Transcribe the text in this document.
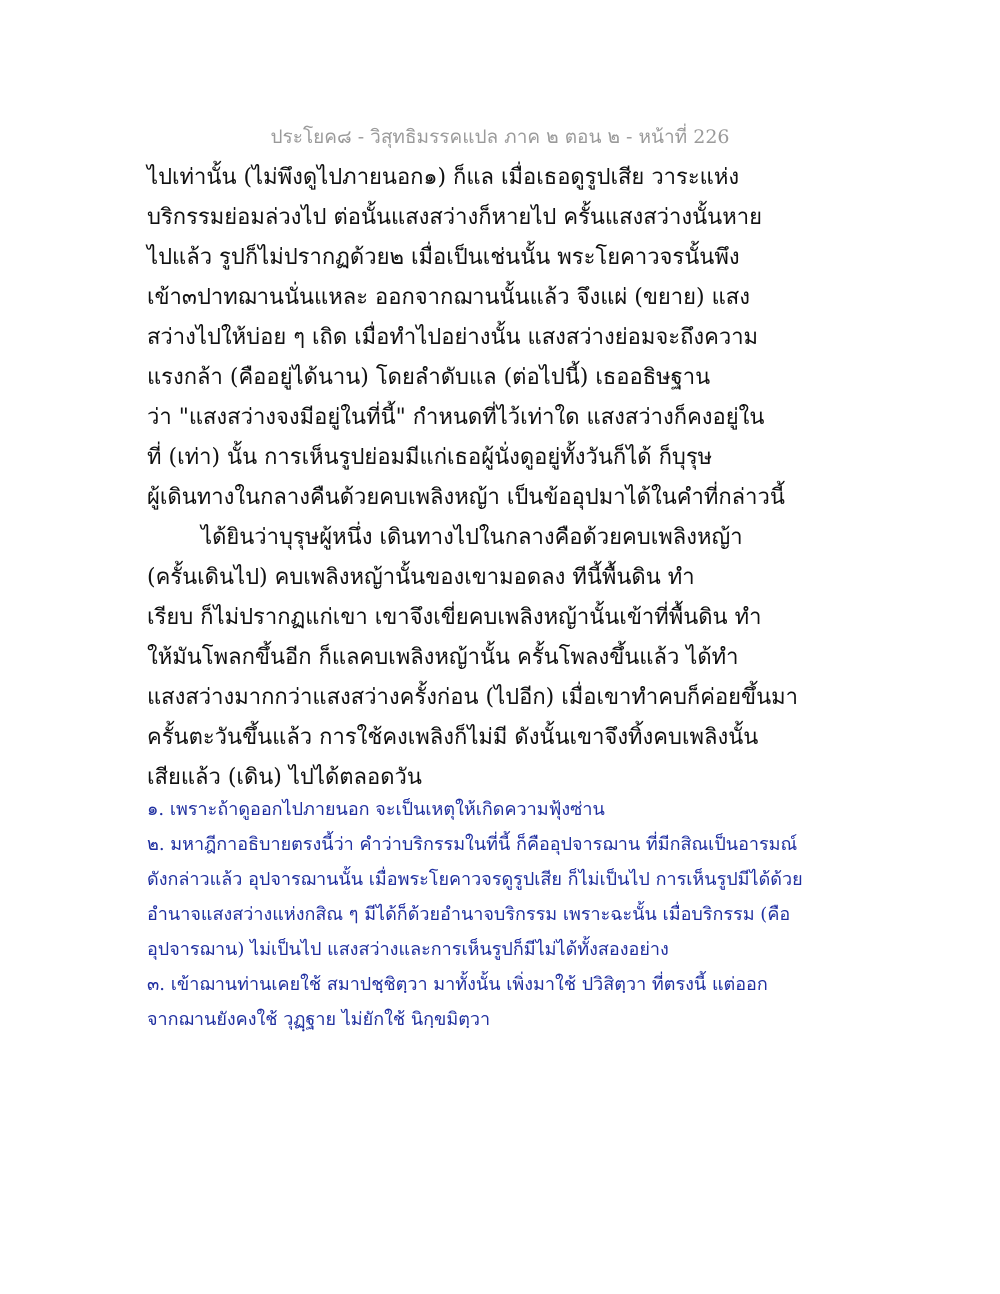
ประโยค๘ - วิสุทธิมรรคแปล ภาค ๒ ตอน ๒ - หน้าที่ 226
ไปเท่านั้น (ไม่พึงดูไปภายนอก๑) ก็แล เมื่อเธอดูรูปเสีย วาระแห่ง
บริกรรมย่อมล่วงไป ต่อนั้นแสงสว่างก็หายไป ครั้นแสงสว่างนั้นหาย
ไปแล้ว รูปก็ไม่ปรากฏด้วย๒ เมื่อเป็นเช่นนั้น พระโยคาวจรนั้นพึง
เข้า๓ปาทฌานนั่นแหละ ออกจากฌานนั้นแล้ว จึงแผ่ (ขยาย) แสง
สว่างไปให้บ่อย ๆ เถิด เมื่อทำไปอย่างนั้น แสงสว่างย่อมจะถึงความ
แรงกล้า (คืออยู่ได้นาน) โดยลำดับแล (ต่อไปนี้) เธออธิษฐาน
ว่า "แสงสว่างจงมีอยู่ในที่นี้" กำหนดที่ไว้เท่าใด แสงสว่างก็คงอยู่ใน
ที่ (เท่า) นั้น การเห็นรูปย่อมมีแก่เธอผู้นั่งดูอยู่ทั้งวันก็ได้ ก็บุรุษ
ผู้เดินทางในกลางคืนด้วยคบเพลิงหญ้า เป็นข้ออุปมาได้ในคำที่กล่าวนี้
ได้ยินว่าบุรุษผู้หนึ่ง เดินทางไปในกลางคือด้วยคบเพลิงหญ้า
(ครั้นเดินไป) คบเพลิงหญ้านั้นของเขามอดลง ทีนี้พื้นดิน ทำ
เรียบ ก็ไม่ปรากฏแก่เขา เขาจึงเขี่ยคบเพลิงหญ้านั้นเข้าที่พื้นดิน ทำ
ให้มันโพลกขึ้นอีก ก็แลคบเพลิงหญ้านั้น ครั้นโพลงขึ้นแล้ว ได้ทำ
แสงสว่างมากกว่าแสงสว่างครั้งก่อน (ไปอีก) เมื่อเขาทำคบก็ค่อยขึ้นมา
ครั้นตะวันขึ้นแล้ว การใช้คงเพลิงก็ไม่มี ดังนั้นเขาจึงทิ้งคบเพลิงนั้น
เสียแล้ว (เดิน) ไปได้ตลอดวัน
๑. เพราะถ้าดูออกไปภายนอก จะเป็นเหตุให้เกิดความฟุ้งซ่าน
๒. มหาฎีกาอธิบายตรงนี้ว่า คำว่าบริกรรมในที่นี้ ก็คืออุปจารฌาน ที่มีกสิณเป็นอารมณ์
ดังกล่าวแล้ว อุปจารฌานนั้น เมื่อพระโยคาวจรดูรูปเสีย ก็ไม่เป็นไป การเห็นรูปมีได้ด้วย
อำนาจแสงสว่างแห่งกสิณ ๆ มีได้ก็ด้วยอำนาจบริกรรม เพราะฉะนั้น เมื่อบริกรรม (คือ
อุปจารฌาน) ไม่เป็นไป แสงสว่างและการเห็นรูปก็มีไม่ได้ทั้งสองอย่าง
๓. เข้าฌานท่านเคยใช้ สมาปชฺชิตฺวา มาทั้งนั้น เพิ่งมาใช้ ปวิสิตฺวา ที่ตรงนี้ แต่ออก
จากฌานยังคงใช้ วุฏฺฐาย ไม่ยักใช้ นิกฺขมิตฺวา
